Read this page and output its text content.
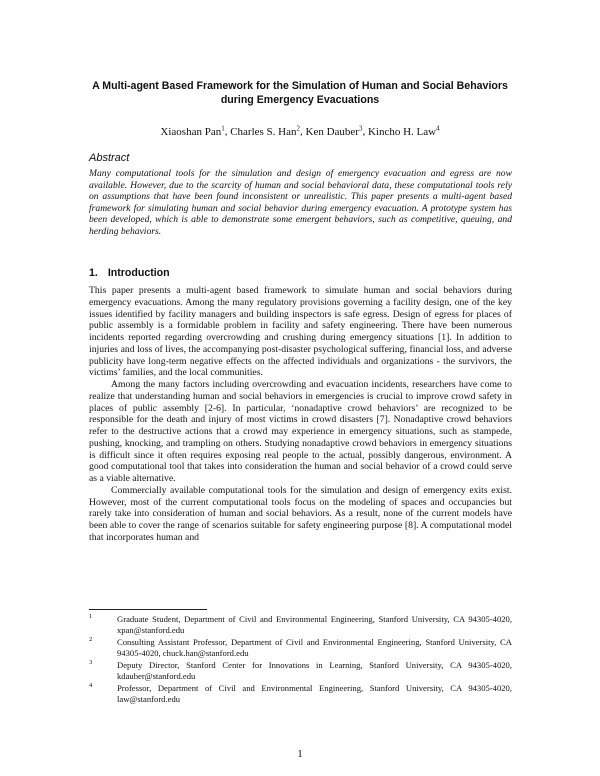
A Multi-agent Based Framework for the Simulation of Human and Social Behaviors during Emergency Evacuations
Xiaoshan Pan$^1$, Charles S. Han$^2$, Ken Dauber$^3$, Kincho H. Law$^4$
Abstract

Many computational tools for the simulation and design of emergency evacuation and egress are now available. However, due to the scarcity of human and social behavioral data, these computational tools rely on assumptions that have been found inconsistent or unrealistic. This paper presents a multi-agent based framework for simulating human and social behavior during emergency evacuation. A prototype system has been developed, which is able to demonstrate some emergent behaviors, such as competitive, queuing, and herding behaviors.

1. Introduction

This paper presents a multi-agent based framework to simulate human and social behaviors during emergency evacuations. Among the many regulatory provisions governing a facility design, one of the key issues identified by facility managers and building inspectors is safe egress. Design of egress for places of public assembly is a formidable problem in facility and safety engineering. There have been numerous incidents reported regarding overcrowding and crushing during emergency situations [1]. In addition to injuries and loss of lives, the accompanying post-disaster psychological suffering, financial loss, and adverse publicity have long-term negative effects on the affected individuals and organizations - the survivors, the victims’ families, and the local communities.

Among the many factors including overcrowding and evacuation incidents, researchers have come to realize that understanding human and social behaviors in emergencies is crucial to improve crowd safety in places of public assembly [2-6]. In particular, ‘nonadaptive crowd behaviors’ are recognized to be responsible for the death and injury of most victims in crowd disasters [7]. Nonadaptive crowd behaviors refer to the destructive actions that a crowd may experience in emergency situations, such as stampede, pushing, knocking, and trampling on others. Studying nonadaptive crowd behaviors in emergency situations is difficult since it often requires exposing real people to the actual, possibly dangerous, environment. A good computational tool that takes into consideration the human and social behavior of a crowd could serve as a viable alternative.

Commercially available computational tools for the simulation and design of emergency exits exist. However, most of the current computational tools focus on the modeling of spaces and occupancies but rarely take into consideration of human and social behaviors. As a result, none of the current models have been able to cover the range of scenarios suitable for safety engineering purpose [8]. A computational model that incorporates human and

1	Graduate Student, Department of Civil and Environmental Engineering, Stanford University, CA 94305-4020, xpan@stanford.edu
2	Consulting Assistant Professor, Department of Civil and Environmental Engineering, Stanford University, CA 94305-4020, chuck.han@stanford.edu
3	Deputy Director, Stanford Center for Innovations in Learning, Stanford University, CA 94305-4020, kdauber@stanford.edu
4	Professor, Department of Civil and Environmental Engineering, Stanford University, CA 94305-4020, law@stanford.edu
1
